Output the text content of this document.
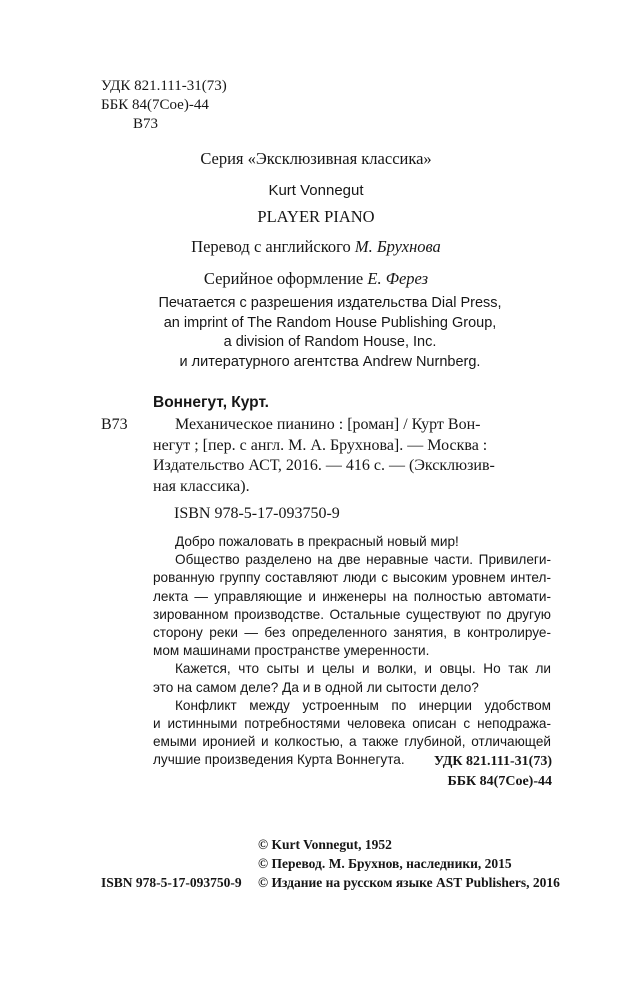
УДК 821.111-31(73)
ББК 84(7Сое)-44
В73
Серия «Эксклюзивная классика»
Kurt Vonnegut
PLAYER PIANO
Перевод с английского М. Брухнова
Серийное оформление Е. Ферез
Печатается с разрешения издательства Dial Press,
an imprint of The Random House Publishing Group,
a division of Random House, Inc.
и литературного агентства Andrew Nurnberg.
Воннегут, Курт.
В73	Механическое пианино : [роман] / Курт Вон-
негут ; [пер. с англ. М. А. Брухнова]. — Москва :
Издательство АСТ, 2016. — 416 с. — (Эксклюзив-
ная классика).
ISBN 978-5-17-093750-9

Добро пожаловать в прекрасный новый мир!

Общество разделено на две неравные части. Привилеги-

рованную группу составляют люди с высоким уровнем интел-

лекта — управляющие и инженеры на полностью автомати-

зированном производстве. Остальные существуют по другую

сторону реки — без определенного занятия, в контролируе-

мом машинами пространстве умеренности.

Кажется, что сыты и целы и волки, и овцы. Но так ли

это на самом деле? Да и в одной ли сытости дело?

Конфликт между устроенным по инерции удобством

и истинными потребностями человека описан с неподража-

емыми иронией и колкостью, а также глубиной, отличающей

лучшие произведения Курта Воннегута.	УДК 821.111-31(73)
ББК 84(7Сое)-44
© Kurt Vonnegut, 1952
© Перевод. М. Брухнов, наследники, 2015
© Издание на русском языке AST Publishers, 2016
ISBN 978-5-17-093750-9
